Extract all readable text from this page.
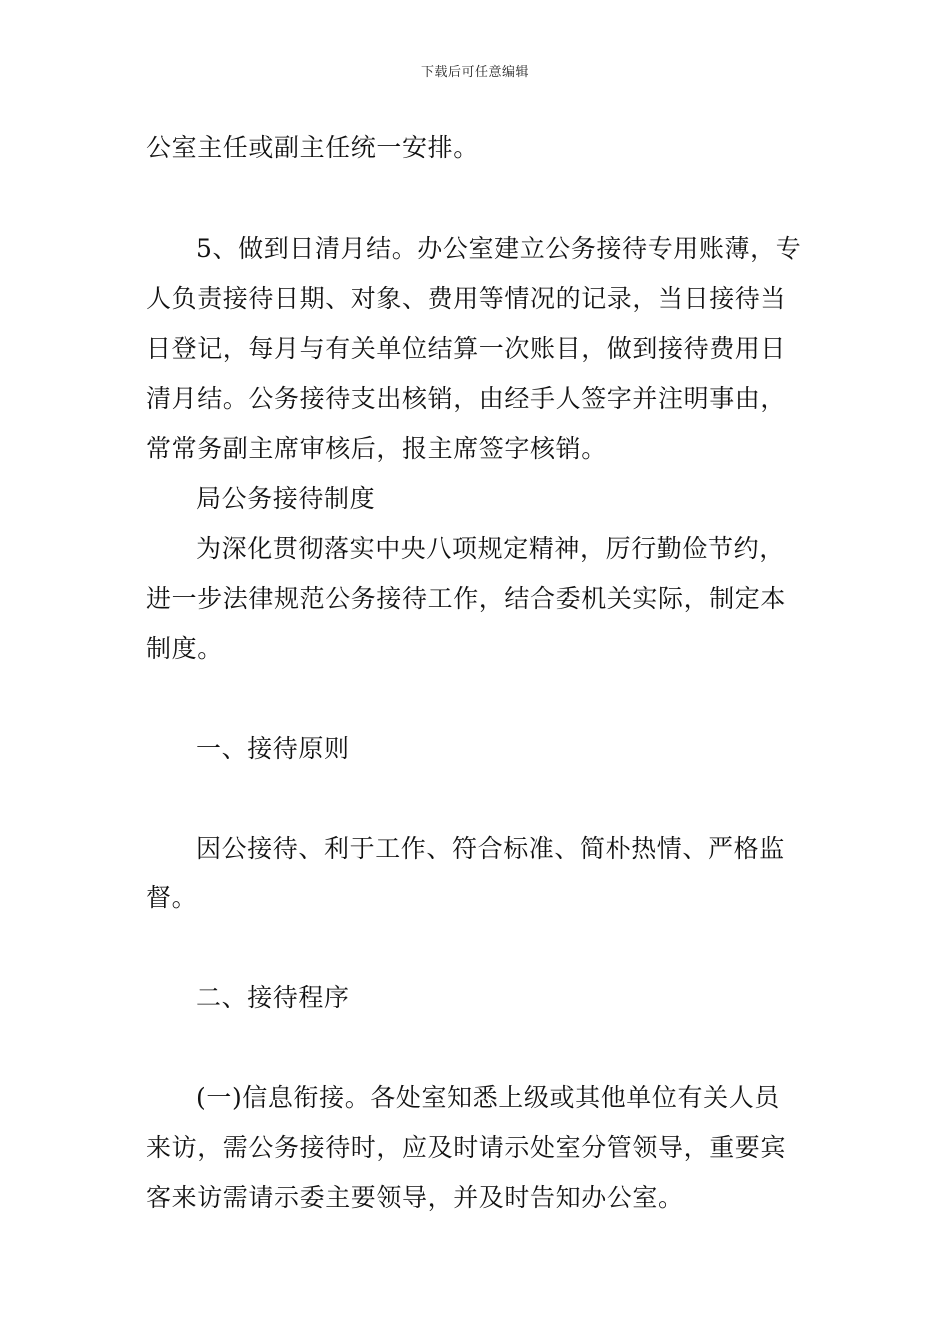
下载后可任意编辑
公室主任或副主任统一安排。
5、做到日清月结。办公室建立公务接待专用账薄，专
人负责接待日期、对象、费用等情况的记录，当日接待当
日登记，每月与有关单位结算一次账目，做到接待费用日
清月结。公务接待支出核销，由经手人签字并注明事由，
常常务副主席审核后，报主席签字核销。
局公务接待制度
为深化贯彻落实中央八项规定精神，厉行勤俭节约，
进一步法律规范公务接待工作，结合委机关实际，制定本
制度。
一、接待原则
因公接待、利于工作、符合标准、简朴热情、严格监
督。
二、接待程序
(一)信息衔接。各处室知悉上级或其他单位有关人员
来访，需公务接待时，应及时请示处室分管领导，重要宾
客来访需请示委主要领导，并及时告知办公室。
